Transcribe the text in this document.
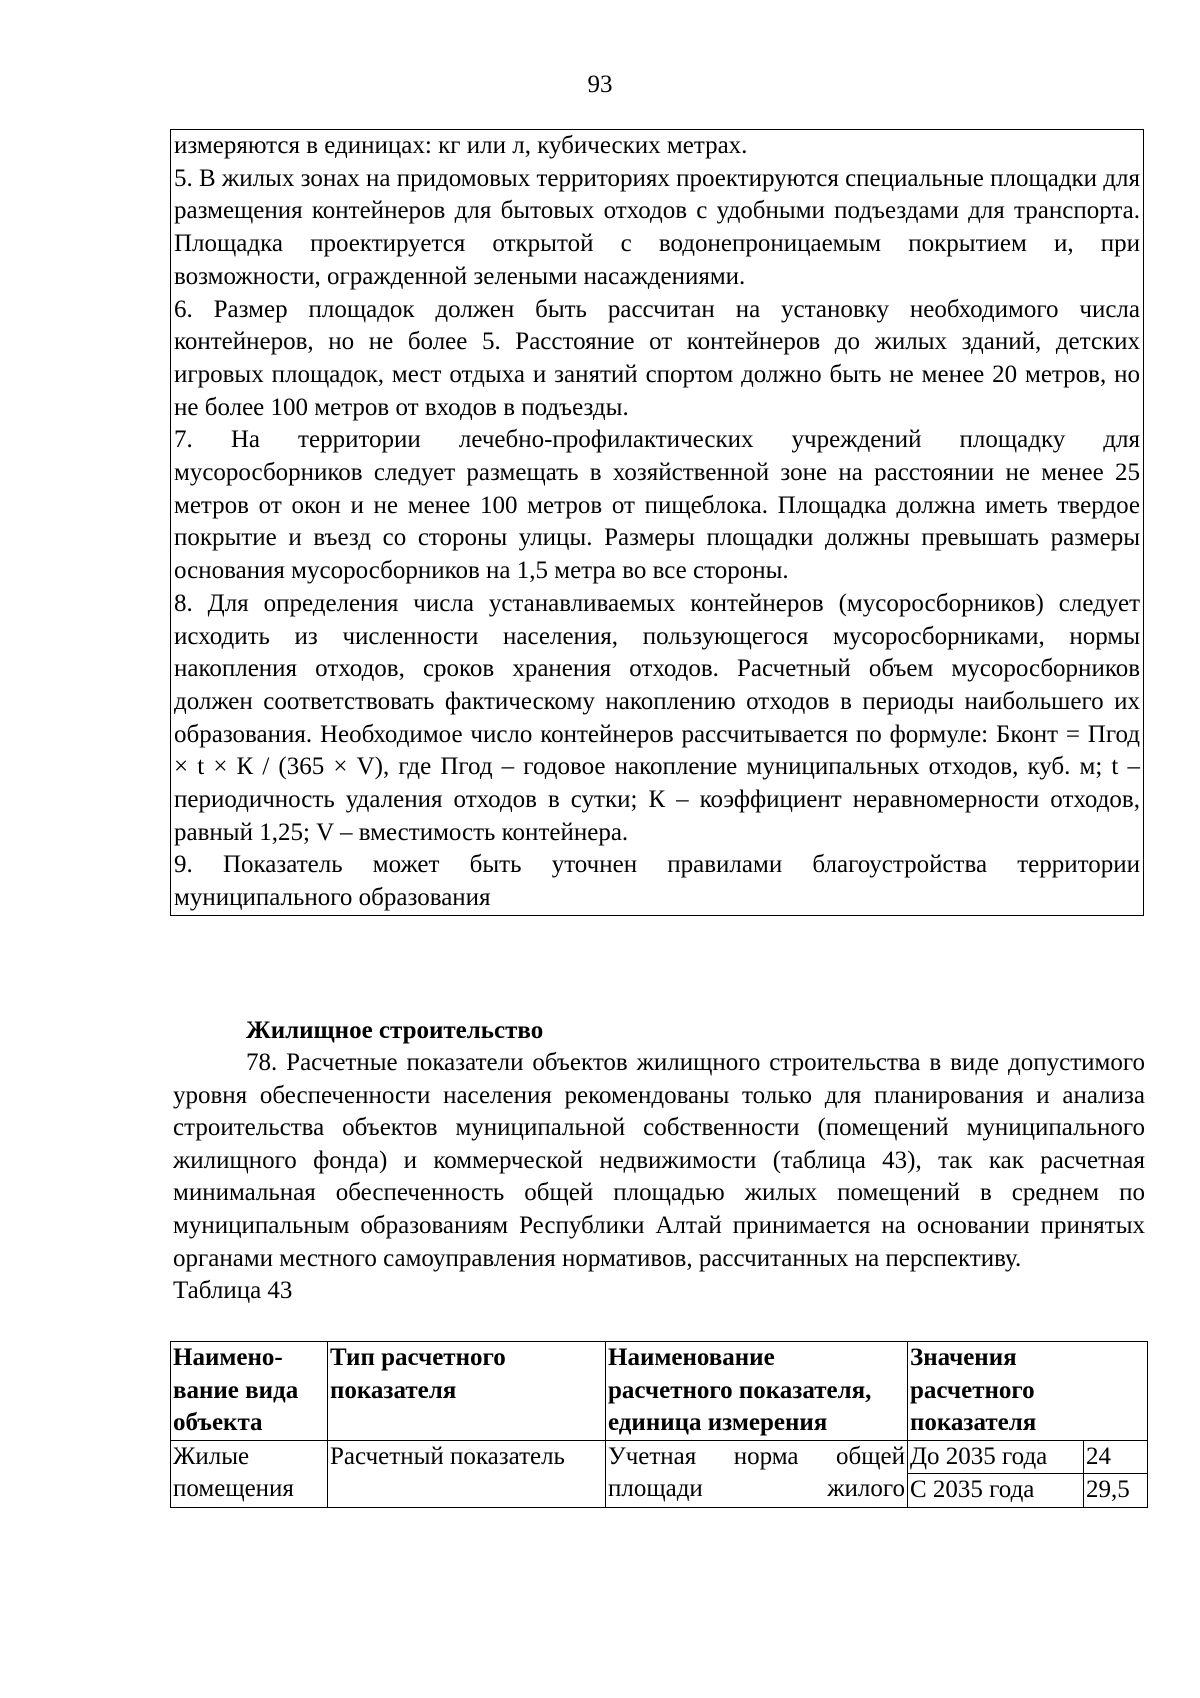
93

измеряются в единицах: кг или л, кубических метрах.

5. В жилых зонах на придомовых территориях проектируются специальные площадки для размещения контейнеров для бытовых отходов с удобными подъездами для транспорта. Площадка проектируется открытой с водонепроницаемым покрытием и, при возможности, огражденной зелеными насаждениями.

6. Размер площадок должен быть рассчитан на установку необходимого числа контейнеров, но не более 5. Расстояние от контейнеров до жилых зданий, детских игровых площадок, мест отдыха и занятий спортом должно быть не менее 20 метров, но не более 100 метров от входов в подъезды.

7. На территории лечебно-профилактических учреждений площадку для мусоросборников следует размещать в хозяйственной зоне на расстоянии не менее 25 метров от окон и не менее 100 метров от пищеблока. Площадка должна иметь твердое покрытие и въезд со стороны улицы. Размеры площадки должны превышать размеры основания мусоросборников на 1,5 метра во все стороны.

8. Для определения числа устанавливаемых контейнеров (мусоросборников) следует исходить из численности населения, пользующегося мусоросборниками, нормы накопления отходов, сроков хранения отходов. Расчетный объем мусоросборников должен соответствовать фактическому накоплению отходов в периоды наибольшего их образования. Необходимое число контейнеров рассчитывается по формуле: Бконт = Пгод × t × К / (365 × V), где Пгод – годовое накопление муниципальных отходов, куб. м; t – периодичность удаления отходов в сутки; К – коэффициент неравномерности отходов, равный 1,25; V – вместимость контейнера.

9. Показатель может быть уточнен правилами благоустройства территории муниципального образования

Жилищное строительство

78. Расчетные показатели объектов жилищного строительства в виде допустимого уровня обеспеченности населения рекомендованы только для планирования и анализа строительства объектов муниципальной собственности (помещений муниципального жилищного фонда) и коммерческой недвижимости (таблица 43), так как расчетная минимальная обеспеченность общей площадью жилых помещений в среднем по муниципальным образованиям Республики Алтай принимается на основании принятых органами местного самоуправления нормативов, рассчитанных на перспективу.

Таблица 43

Наимено-вание вида объекта	Тип расчетного показателя	Наименование расчетного показателя, единица измерения	Значения расчетного показателя	
Жилые помещения	Расчетный показатель	Учетная норма общей площади жилого	До 2035 года	24
			С 2035 года	29,5
